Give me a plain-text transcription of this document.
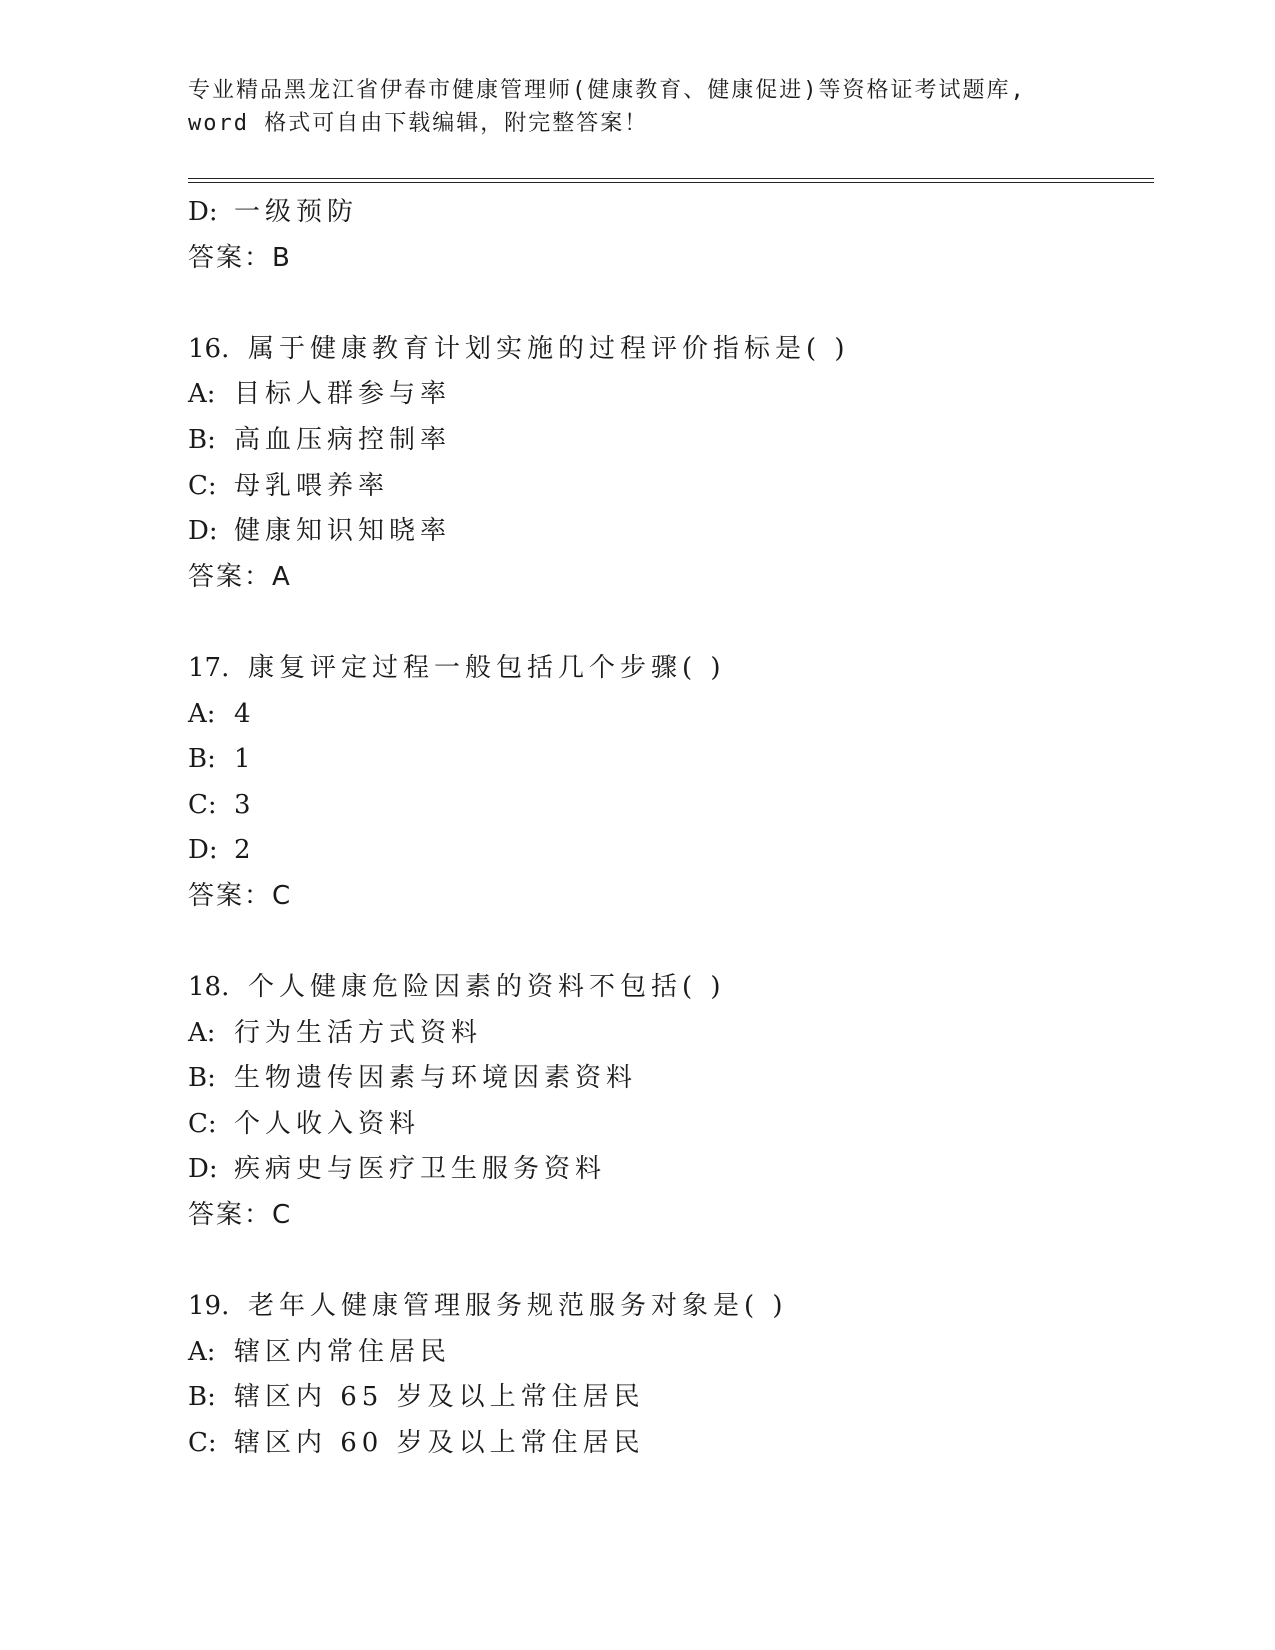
专业精品黑龙江省伊春市健康管理师(健康教育、健康促进)等资格证考试题库,
word 格式可自由下载编辑，附完整答案！
D: 一级预防
答案：B
16. 属于健康教育计划实施的过程评价指标是( )
A: 目标人群参与率
B: 高血压病控制率
C: 母乳喂养率
D: 健康知识知晓率
答案：A
17. 康复评定过程一般包括几个步骤( )
A: 4
B: 1
C: 3
D: 2
答案：C
18. 个人健康危险因素的资料不包括( )
A: 行为生活方式资料
B: 生物遗传因素与环境因素资料
C: 个人收入资料
D: 疾病史与医疗卫生服务资料
答案：C
19. 老年人健康管理服务规范服务对象是( )
A: 辖区内常住居民
B: 辖区内 65 岁及以上常住居民
C: 辖区内 60 岁及以上常住居民
